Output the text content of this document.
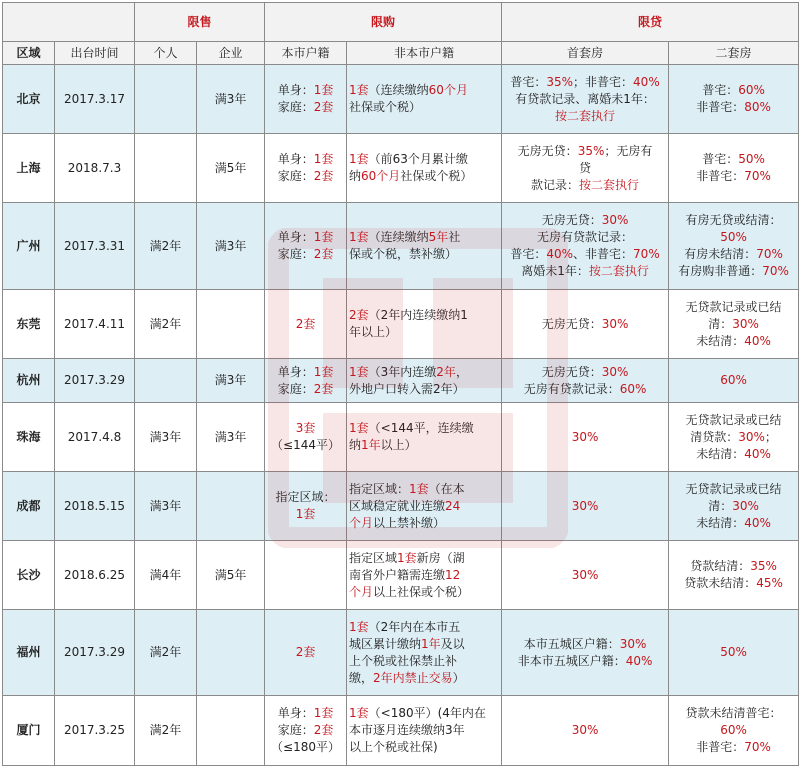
		限售		限购		限贷	
区域	出台时间	个人	企业	本市户籍	非本市户籍	首套房	二套房
北京	2017.3.17		满3年	单身：1套
家庭：2套	1套（连续缴纳60个月
社保或个税）	普宅：35%；非普宅：40%
有贷款记录、离婚未1年：
按二套执行	普宅：60%
非普宅：80%

上海	2018.7.3		满5年	单身：1套
家庭：2套	1套（前63个月累计缴
纳60个月社保或个税）	无房无贷：35%；无房有
贷
款记录：按二套执行	普宅：50%
非普宅：70%

广州	2017.3.31	满2年	满3年	单身：1套
家庭：2套	1套（连续缴纳5年社
保或个税，禁补缴）	无房无贷：30%
无房有贷款记录：
普宅：40%、非普宅：70%
离婚未1年：按二套执行	有房无贷或结清：
50%
有房未结清：70%
有房购非普通：70%

东莞	2017.4.11	满2年		2套	2套（2年内连续缴纳1
年以上）	无房无贷：30%	无贷款记录或已结
清：30%
未结清：40%

杭州	2017.3.29		满3年	单身：1套
家庭：2套	1套（3年内连缴2年，
外地户口转入需2年）	无房无贷：30%
无房有贷款记录：60%	60%

珠海	2017.4.8	满3年	满3年	3套
（≤144平）	1套（<144平，连续缴
纳1年以上）	30%	无贷款记录或已结
清贷款：30%；
未结清：40%

成都	2018.5.15	满3年		指定区域：
1套	指定区域：1套（在本
区域稳定就业连缴24
个月以上禁补缴）	30%	无贷款记录或已结
清：30%
未结清：40%

长沙	2018.6.25	满4年	满5年		指定区域1套新房（湖
南省外户籍需连缴12
个月以上社保或个税）	30%	贷款结清：35%
贷款未结清：45%

福州	2017.3.29	满2年		2套	1套（2年内在本市五
城区累计缴纳1年及以
上个税或社保禁止补
缴，2年内禁止交易）	本市五城区户籍：30%
非本市五城区户籍：40%	50%

厦门	2017.3.25	满2年		单身：1套
家庭：2套
（≤180平）	1套（<180平）(4年内在
本市逐月连续缴纳3年
以上个税或社保)	30%	贷款未结清普宅：
60%
非普宅：70%
